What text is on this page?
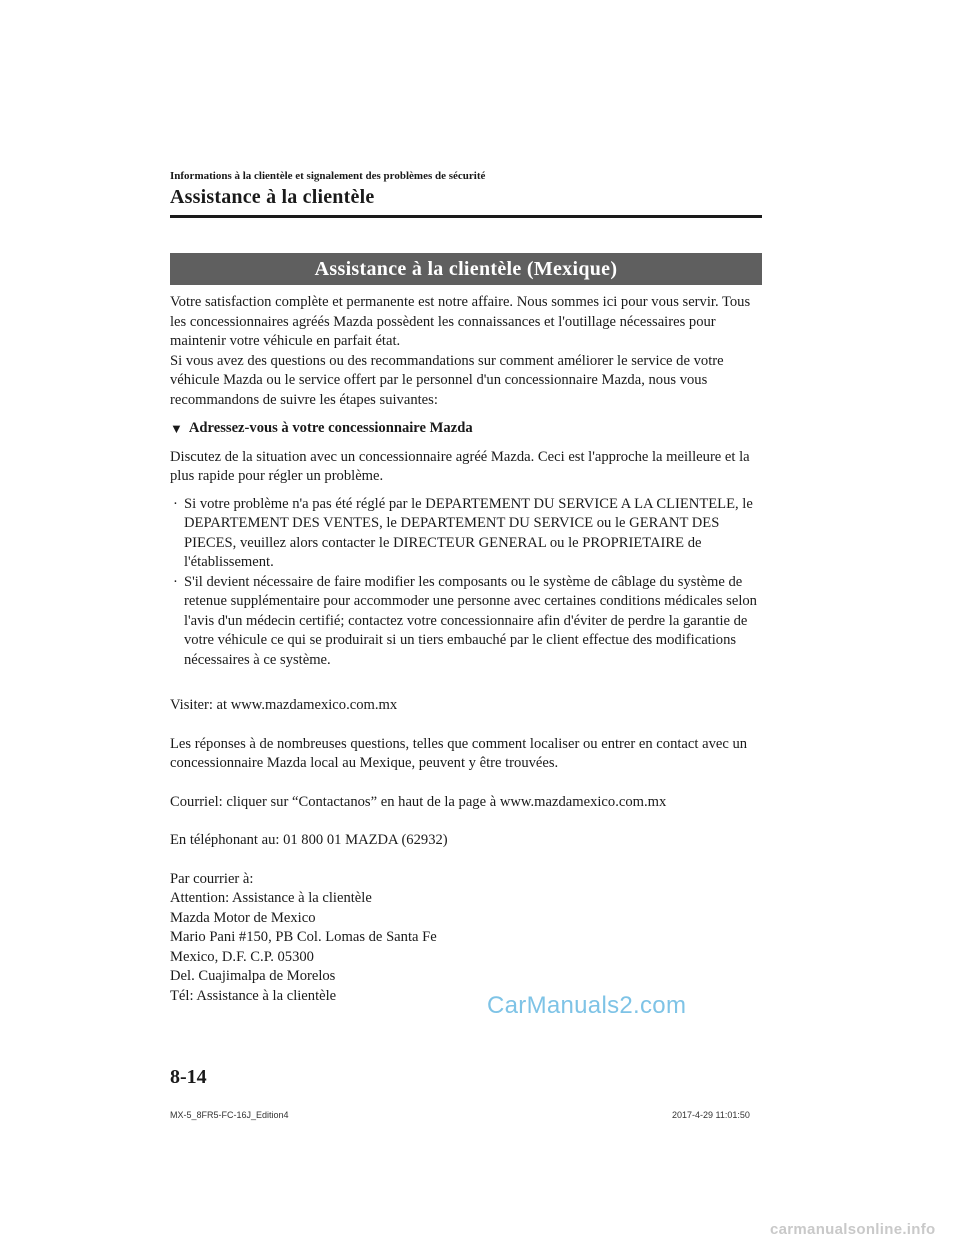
Informations à la clientèle et signalement des problèmes de sécurité
Assistance à la clientèle
Assistance à la clientèle (Mexique)

Votre satisfaction complète et permanente est notre affaire. Nous sommes ici pour vous servir. Tous les concessionnaires agréés Mazda possèdent les connaissances et l'outillage nécessaires pour maintenir votre véhicule en parfait état.

Si vous avez des questions ou des recommandations sur comment améliorer le service de votre véhicule Mazda ou le service offert par le personnel d'un concessionnaire Mazda, nous vous recommandons de suivre les étapes suivantes:

▼ Adressez-vous à votre concessionnaire Mazda

Discutez de la situation avec un concessionnaire agréé Mazda. Ceci est l'approche la meilleure et la plus rapide pour régler un problème.

· Si votre problème n'a pas été réglé par le DEPARTEMENT DU SERVICE A LA CLIENTELE, le DEPARTEMENT DES VENTES, le DEPARTEMENT DU SERVICE ou le GERANT DES PIECES, veuillez alors contacter le DIRECTEUR GENERAL ou le PROPRIETAIRE de l'établissement.
· S'il devient nécessaire de faire modifier les composants ou le système de câblage du système de retenue supplémentaire pour accommoder une personne avec certaines conditions médicales selon l'avis d'un médecin certifié; contactez votre concessionnaire afin d'éviter de perdre la garantie de votre véhicule ce qui se produirait si un tiers embauché par le client effectue des modifications nécessaires à ce système.

Visiter: at www.mazdamexico.com.mx

Les réponses à de nombreuses questions, telles que comment localiser ou entrer en contact avec un concessionnaire Mazda local au Mexique, peuvent y être trouvées.

Courriel: cliquer sur “Contactanos” en haut de la page à www.mazdamexico.com.mx

En téléphonant au: 01 800 01 MAZDA (62932)

Par courrier à:

Attention: Assistance à la clientèle

Mazda Motor de Mexico

Mario Pani #150, PB Col. Lomas de Santa Fe

Mexico, D.F. C.P. 05300

Del. Cuajimalpa de Morelos

Tél: Assistance à la clientèle	CarManuals2.com
8-14
MX-5_8FR5-FC-16J_Edition4	2017-4-29 11:01:50
carmanualsonline.info
